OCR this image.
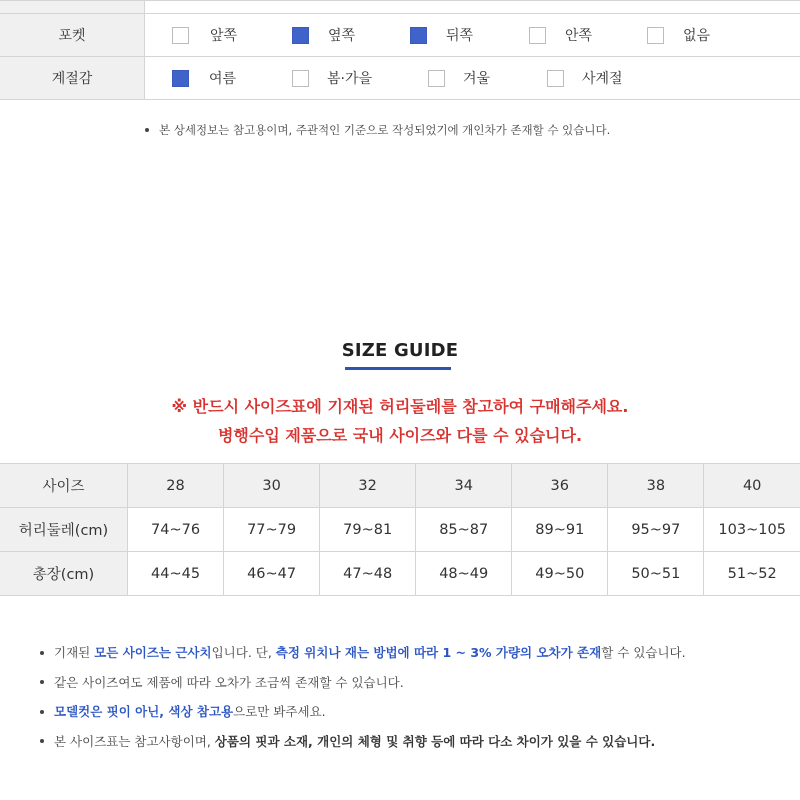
포켓	앞쪽	옆쪽	뒤쪽	안쪽	없음
계절감	여름	봄·가을	겨울	사계절
본 상세정보는 참고용이며, 주관적인 기준으로 작성되었기에 개인차가 존재할 수 있습니다.
SIZE GUIDE
※ 반드시 사이즈표에 기재된 허리둘레를 참고하여 구매해주세요.
병행수입 제품으로 국내 사이즈와 다를 수 있습니다.
사이즈	28	30	32	34	36	38	40
허리둘레(cm)	74~76	77~79	79~81	85~87	89~91	95~97	103~105
총장(cm)	44~45	46~47	47~48	48~49	49~50	50~51	51~52
기재된 모든 사이즈는 근사치입니다. 단, 측정 위치나 재는 방법에 따라 1 ~ 3% 가량의 오차가 존재할 수 있습니다.
같은 사이즈여도 제품에 따라 오차가 조금씩 존재할 수 있습니다.
모델컷은 핏이 아닌, 색상 참고용으로만 봐주세요.
본 사이즈표는 참고사항이며, 상품의 핏과 소재, 개인의 체형 및 취향 등에 따라 다소 차이가 있을 수 있습니다.
